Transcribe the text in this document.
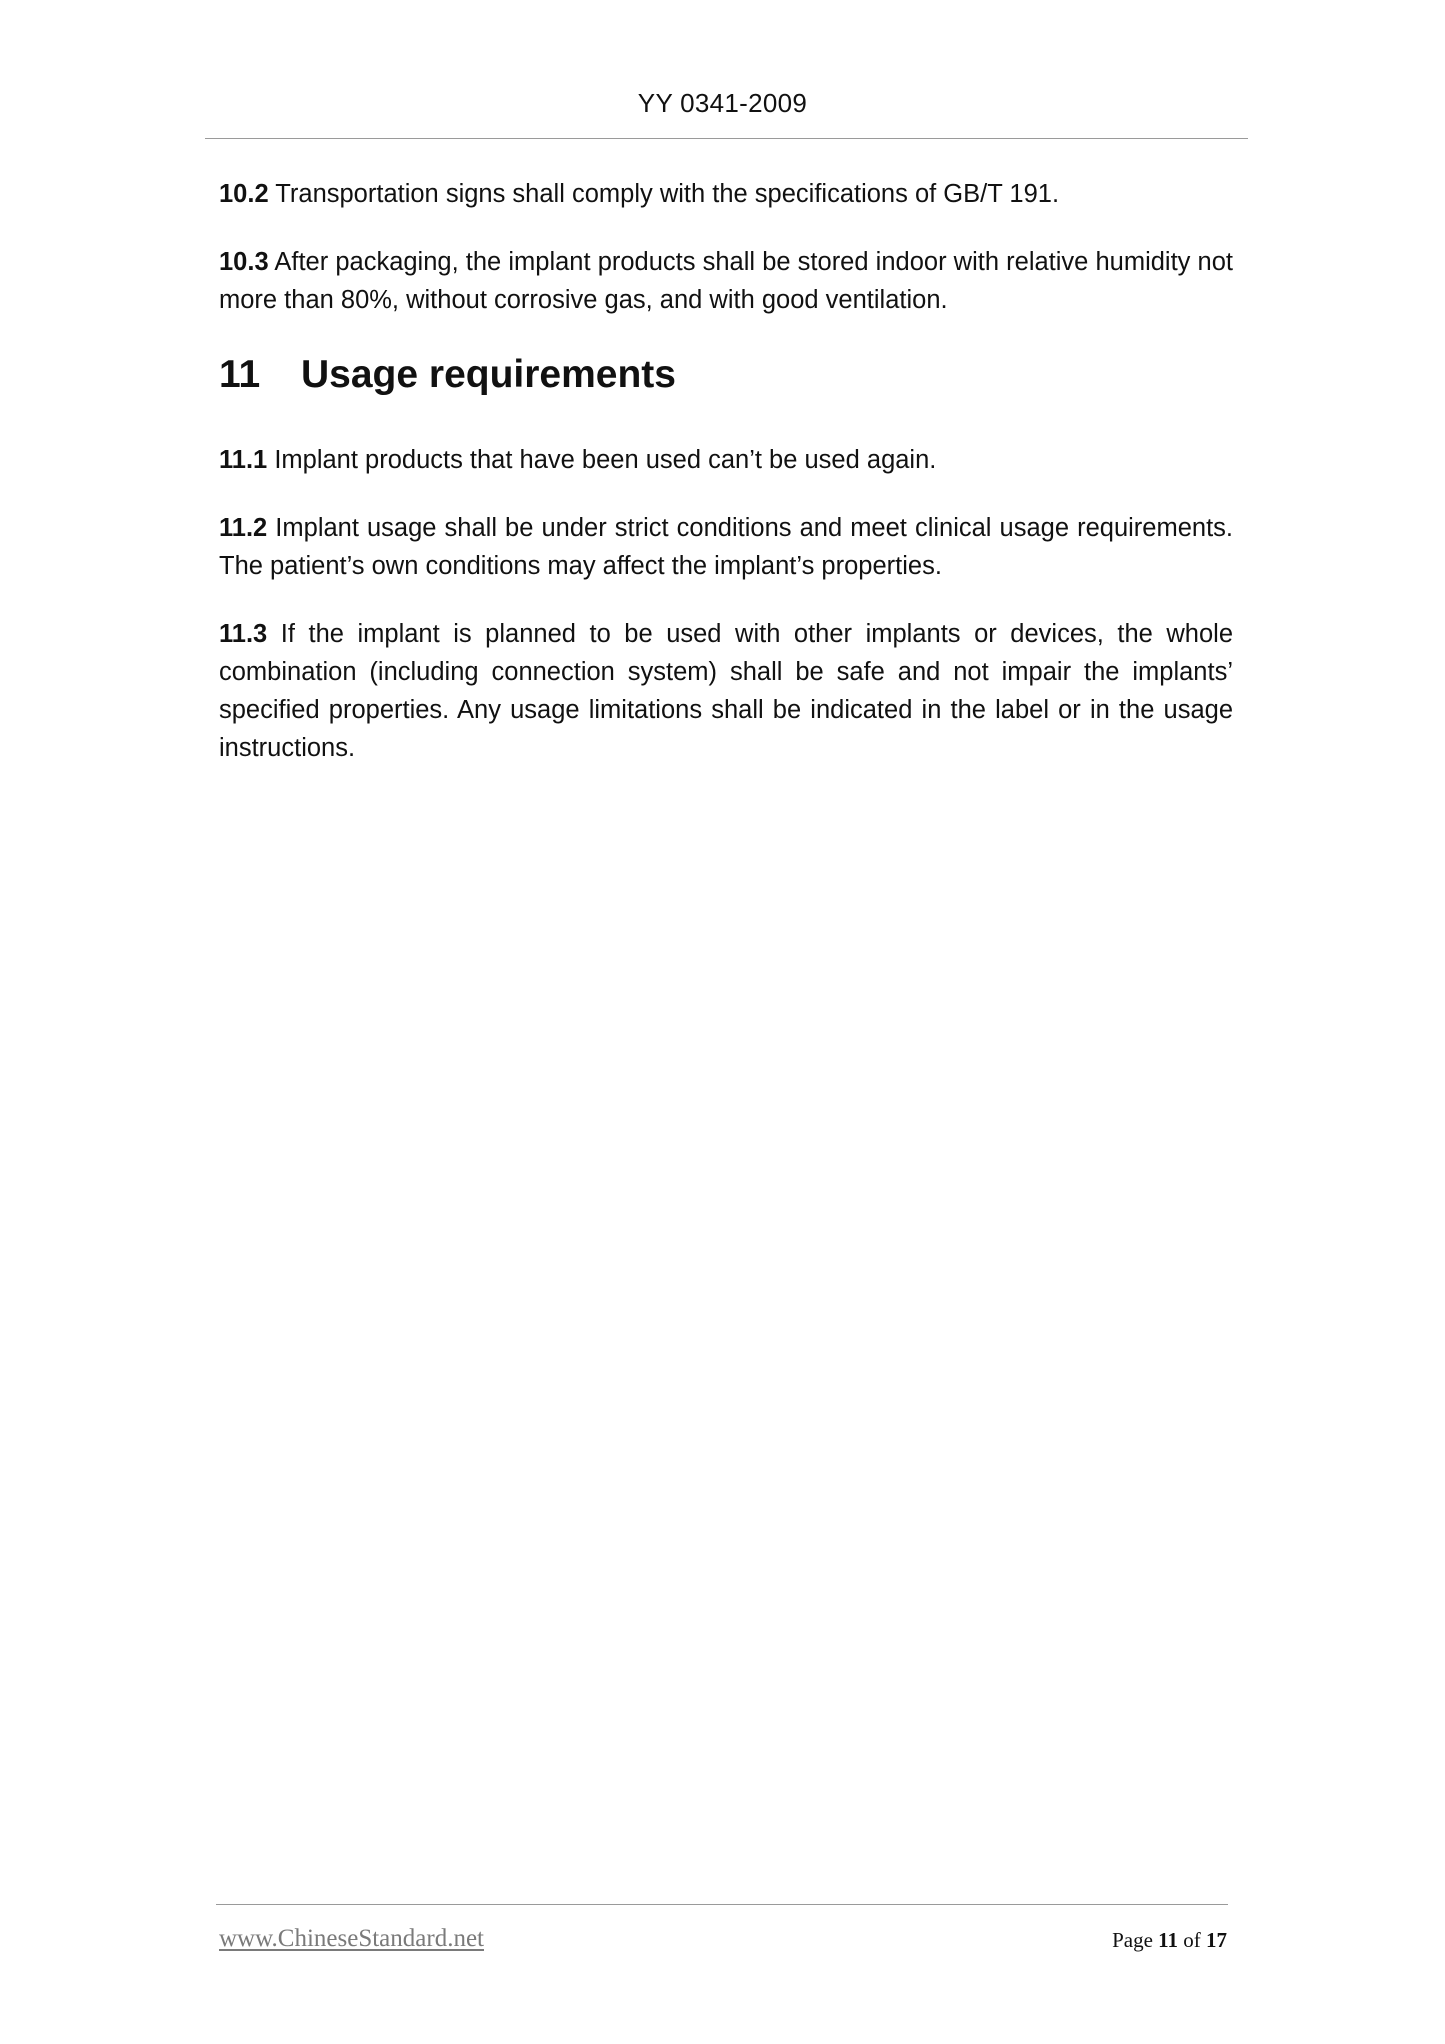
YY 0341-2009

10.2 Transportation signs shall comply with the specifications of GB/T 191.

10.3 After packaging, the implant products shall be stored indoor with relative humidity not more than 80%, without corrosive gas, and with good ventilation.

11	Usage requirements

11.1 Implant products that have been used can’t be used again.

11.2 Implant usage shall be under strict conditions and meet clinical usage requirements. The patient’s own conditions may affect the implant’s properties.

11.3 If the implant is planned to be used with other implants or devices, the whole combination (including connection system) shall be safe and not impair the implants’ specified properties. Any usage limitations shall be indicated in the label or in the usage instructions.

www.ChineseStandard.net	Page 11 of 17
